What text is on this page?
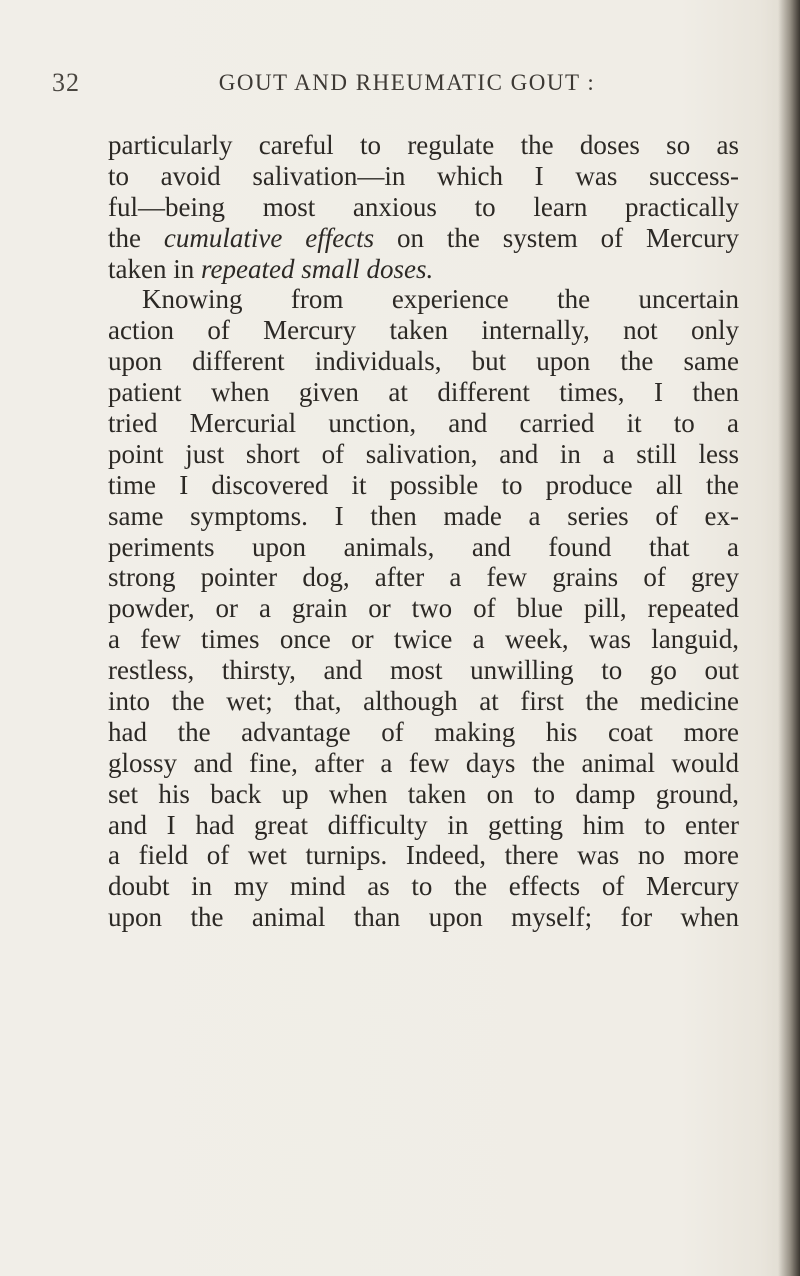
32	GOUT AND RHEUMATIC GOUT :
particularly careful to regulate the doses so as
to avoid salivation—in which I was success-
ful—being most anxious to learn practically
the cumulative effects on the system of Mercury
taken in repeated small doses.
Knowing from experience the uncertain
action of Mercury taken internally, not only
upon different individuals, but upon the same
patient when given at different times, I then
tried Mercurial unction, and carried it to a
point just short of salivation, and in a still less
time I discovered it possible to produce all the
same symptoms. I then made a series of ex-
periments upon animals, and found that a
strong pointer dog, after a few grains of grey
powder, or a grain or two of blue pill, repeated
a few times once or twice a week, was languid,
restless, thirsty, and most unwilling to go out
into the wet; that, although at first the medicine
had the advantage of making his coat more
glossy and fine, after a few days the animal would
set his back up when taken on to damp ground,
and I had great difficulty in getting him to enter
a field of wet turnips. Indeed, there was no more
doubt in my mind as to the effects of Mercury
upon the animal than upon myself; for when
